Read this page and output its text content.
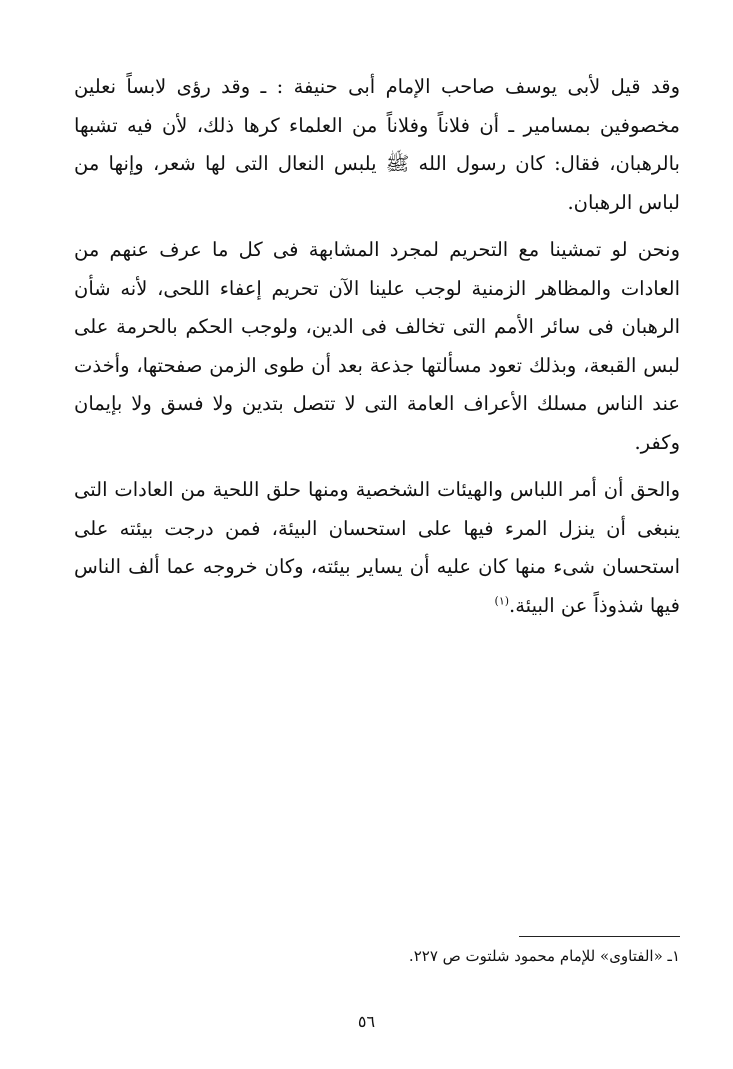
وقد قيل لأبى يوسف صاحب الإمام أبى حنيفة : ـ وقد رؤى لابساً نعلين مخصوفين بمسامير ـ أن فلاناً وفلاناً من العلماء كرها ذلك، لأن فيه تشبها بالرهبان، فقال: كان رسول الله ﷺ يلبس النعال التى لها شعر، وإنها من لباس الرهبان.

ونحن لو تمشينا مع التحريم لمجرد المشابهة فى كل ما عرف عنهم من العادات والمظاهر الزمنية لوجب علينا الآن تحريم إعفاء اللحى، لأنه شأن الرهبان فى سائر الأمم التى تخالف فى الدين، ولوجب الحكم بالحرمة على لبس القبعة، وبذلك تعود مسألتها جذعة بعد أن طوى الزمن صفحتها، وأخذت عند الناس مسلك الأعراف العامة التى لا تتصل بتدين ولا فسق ولا بإيمان وكفر.

والحق أن أمر اللباس والهيئات الشخصية ومنها حلق اللحية من العادات التى ينبغى أن ينزل المرء فيها على استحسان البيئة، فمن درجت بيئته على استحسان شىء منها كان عليه أن يساير بيئته، وكان خروجه عما ألف الناس فيها شذوذاً عن البيئة.$^{(١)}$

١ـ «الفتاوى» للإمام محمود شلتوت ص ٢٢٧.

٥٦
